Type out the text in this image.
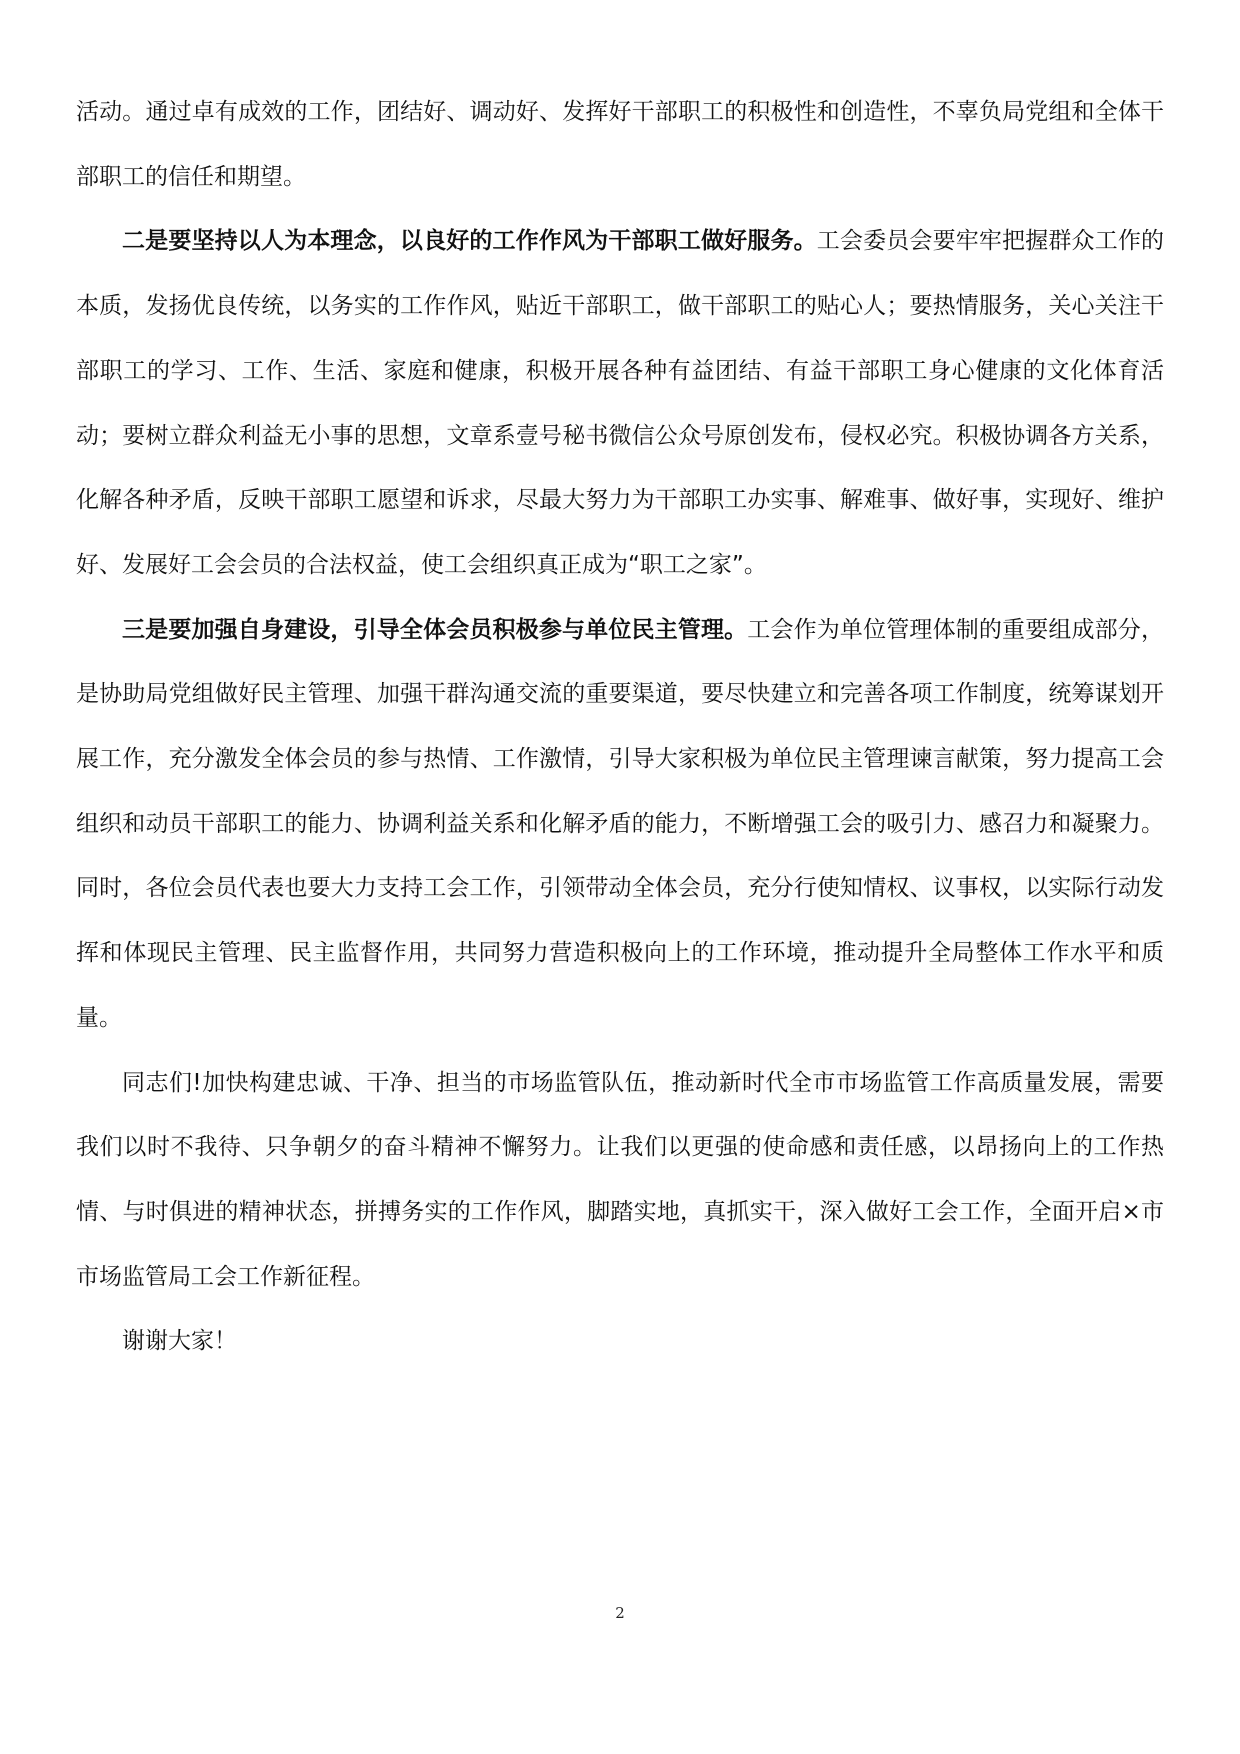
活动。通过卓有成效的工作，团结好、调动好、发挥好干部职工的积极性和创造性，不辜负局党组和全体干部职工的信任和期望。

二是要坚持以人为本理念，以良好的工作作风为干部职工做好服务。工会委员会要牢牢把握群众工作的本质，发扬优良传统，以务实的工作作风，贴近干部职工，做干部职工的贴心人；要热情服务，关心关注干部职工的学习、工作、生活、家庭和健康，积极开展各种有益团结、有益干部职工身心健康的文化体育活动；要树立群众利益无小事的思想，文章系壹号秘书微信公众号原创发布，侵权必究。积极协调各方关系，化解各种矛盾，反映干部职工愿望和诉求，尽最大努力为干部职工办实事、解难事、做好事，实现好、维护好、发展好工会会员的合法权益，使工会组织真正成为“职工之家”。

三是要加强自身建设，引导全体会员积极参与单位民主管理。工会作为单位管理体制的重要组成部分，是协助局党组做好民主管理、加强干群沟通交流的重要渠道，要尽快建立和完善各项工作制度，统筹谋划开展工作，充分激发全体会员的参与热情、工作激情，引导大家积极为单位民主管理谏言献策，努力提高工会组织和动员干部职工的能力、协调利益关系和化解矛盾的能力，不断增强工会的吸引力、感召力和凝聚力。同时，各位会员代表也要大力支持工会工作，引领带动全体会员，充分行使知情权、议事权，以实际行动发挥和体现民主管理、民主监督作用，共同努力营造积极向上的工作环境，推动提升全局整体工作水平和质量。

同志们!加快构建忠诚、干净、担当的市场监管队伍，推动新时代全市市场监管工作高质量发展，需要我们以时不我待、只争朝夕的奋斗精神不懈努力。让我们以更强的使命感和责任感，以昂扬向上的工作热情、与时俱进的精神状态，拼搏务实的工作作风，脚踏实地，真抓实干，深入做好工会工作，全面开启×市市场监管局工会工作新征程。

谢谢大家！

2
